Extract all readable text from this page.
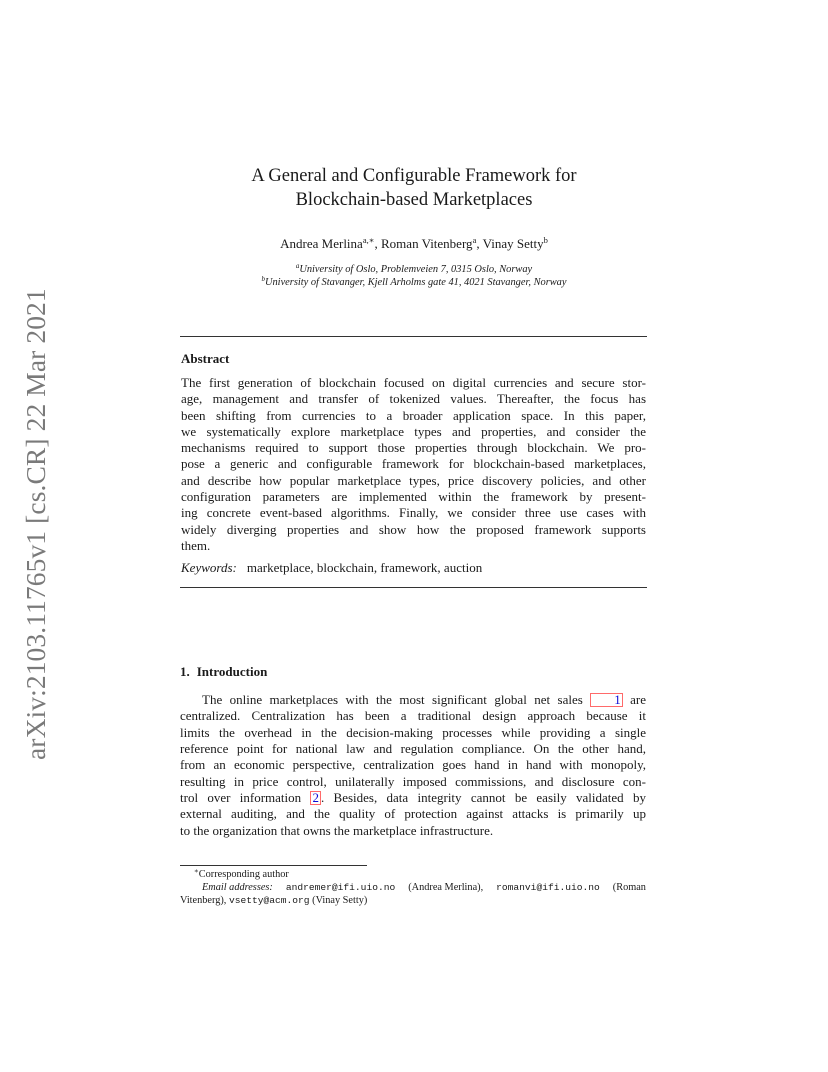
arXiv:2103.11765v1 [cs.CR] 22 Mar 2021
A General and Configurable Framework for
Blockchain-based Marketplaces
Andrea Merlina$^{a,∗}$, Roman Vitenberg$^a$, Vinay Setty$^b$
$^a$University of Oslo, Problemveien 7, 0315 Oslo, Norway
$^b$University of Stavanger, Kjell Arholms gate 41, 4021 Stavanger, Norway
Abstract
The first generation of blockchain focused on digital currencies and secure stor-
age, management and transfer of tokenized values. Thereafter, the focus has
been shifting from currencies to a broader application space. In this paper,
we systematically explore marketplace types and properties, and consider the
mechanisms required to support those properties through blockchain. We pro-
pose a generic and configurable framework for blockchain-based marketplaces,
and describe how popular marketplace types, price discovery policies, and other
configuration parameters are implemented within the framework by present-
ing concrete event-based algorithms. Finally, we consider three use cases with
widely diverging properties and show how the proposed framework supports
them.
Keywords: marketplace, blockchain, framework, auction
1. Introduction
The online marketplaces with the most significant global net sales 1 are
centralized. Centralization has been a traditional design approach because it
limits the overhead in the decision-making processes while providing a single
reference point for national law and regulation compliance. On the other hand,
from an economic perspective, centralization goes hand in hand with monopoly,
resulting in price control, unilaterally imposed commissions, and disclosure con-
trol over information 2 . Besides, data integrity cannot be easily validated by
external auditing, and the quality of protection against attacks is primarily up
to the organization that owns the marketplace infrastructure.
∗Corresponding author
Email addresses: andremer@ifi.uio.no (Andrea Merlina), romanvi@ifi.uio.no (Roman
Vitenberg), vsetty@acm.org (Vinay Setty)
